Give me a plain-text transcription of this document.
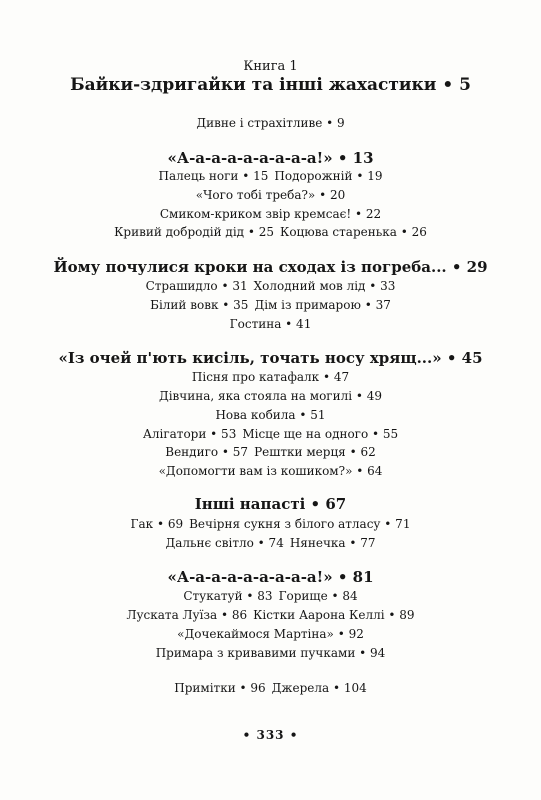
Книга 1
Байки-здригайки та інші жахастики • 5
Дивне і страхітливе • 9
«А-а-а-а-а-а-а-а-а!» • 13
Палець ноги • 15 Подорожній • 19
«Чого тобі треба?» • 20
Смиком-криком звір кремсає! • 22
Кривий добродій дід • 25 Коцюва старенька • 26
Йому почулися кроки на сходах із погреба... • 29
Страшидло • 31 Холодний мов лід • 33
Білий вовк • 35 Дім із примарою • 37
Гостина • 41
«Із очей п'ють кисіль, точать носу хрящ...» • 45
Пісня про катафалк • 47
Дівчина, яка стояла на могилі • 49
Нова кобила • 51
Алігатори • 53 Місце ще на одного • 55
Вендиго • 57 Рештки мерця • 62
«Допомогти вам із кошиком?» • 64
Інші напасті • 67
Гак • 69 Вечірня сукня з білого атласу • 71
Дальнє світло • 74 Нянечка • 77
«А-а-а-а-а-а-а-а-а!» • 81
Стукатуй • 83 Горище • 84
Луската Луїза • 86 Кістки Аарона Келлі • 89
«Дочекаймося Мартіна» • 92
Примара з кривавими пучками • 94
Примітки • 96 Джерела • 104
• 333 •
